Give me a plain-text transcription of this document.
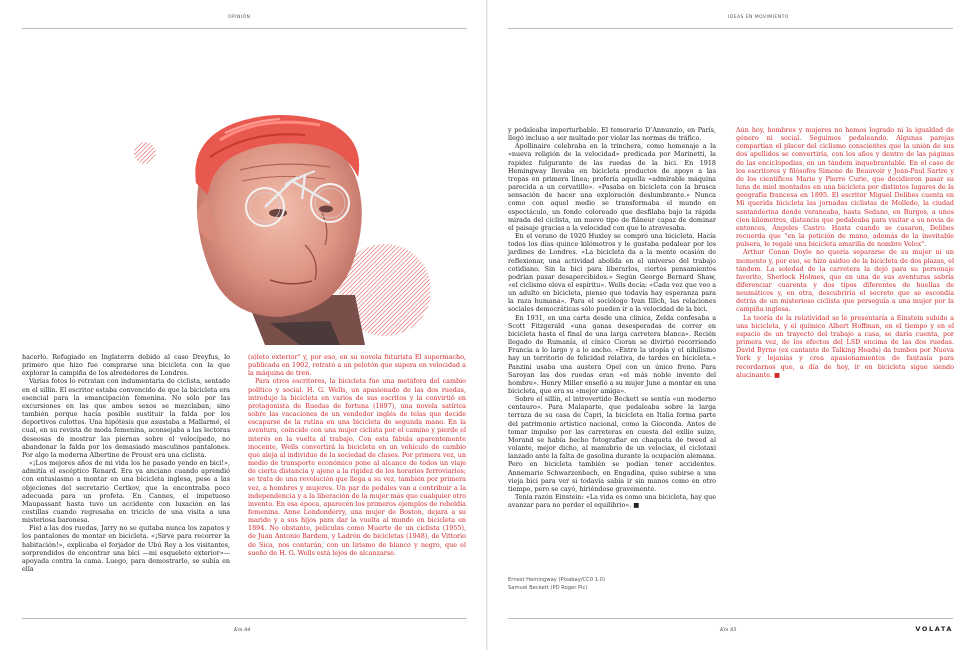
OPINIÓN

hacerlo. Refugiado en Inglaterra debido al caso Dreyfus, lo primero que hizo fue comprarse una bicicleta con la que explorar la campiña de los alrededores de Londres.

Varias fotos lo retratan con indumentaria de ciclista, sentado en el sillín. El escritor estaba convencido de que la bicicleta era esencial para la emancipación femenina. No sólo por las excursiones en las que ambos sexos se mezclaban, sino también porque hacía posible sustituir la falda por los deportivos culottes. Una hipótesis que asustaba a Mallarmé, el cual, en su revista de moda femenina, aconsejaba a las lectoras deseosas de mostrar las piernas sobre el velocípedo, no abandonar la falda por los demasiado masculinos pantalones. Por algo la moderna Albertine de Proust era una ciclista.

«¡Los mejores años de mi vida los he pasado yendo en bici!», admitía el escéptico Renard. Era ya anciano cuando aprendió con entusiasmo a montar en una bicicleta inglesa, pese a las objeciones del secretario Certkov, que la encontraba poco adecuada para un profeta. En Cannes, el impetuoso Maupassant hasta tuvo un accidente con luxación en las costillas cuando regresaba en triciclo de una visita a una misteriosa baronesa.

Fiel a las dos ruedas, Jarry no se quitaba nunca los zapatos y los pantalones de montar en bicicleta. «¡Sirve para recorrer la habitación!», explicaba el forjador de Ubú Rey a los visitantes, sorprendidos de encontrar una bici —mi esqueleto exterior»— apoyada contra la cama. Luego, para demostrarlo, se subía en ella

(a)leto exterior" y, por eso, en su novela futurista El supermacho, publicada en 1902, retrató a un pelotón que supera en velocidad a la máquina de tren.

Para otros escritores, la bicicleta fue una metáfora del cambio político y social. H. G. Wells, un apasionado de las dos ruedas, introdujo la bicicleta en varios de sus escritos y la convirtió en protagonista de Ruedas de fortuna (1897), una novela satírica sobre las vacaciones de un vendedor inglés de telas que decide escaparse de la rutina en una bicicleta de segunda mano. En la aventura, coincide con una mujer ciclista por el camino y pierde el interés en la vuelta al trabajo. Con esta fábula aparentemente inocente, Wells convertirá la bicicleta en un vehículo de cambio que aleja al individuo de la sociedad de clases. Por primera vez, un medio de transporte económico pone al alcance de todos un viaje de cierta distancia y ajeno a la rigidez de los horarios ferroviarios; se trata de una revolución que llega a su vez, también por primera vez, a hombres y mujeres. Un par de pedales van a contribuir a la independencia y a la liberación de la mujer más que cualquier otro invento. En esa época, aparecen los primeros ejemplos de rebeldía femenina. Anne Londonderry, una mujer de Boston, dejará a su marido y a sus hijos para dar la vuelta al mundo en bicicleta en 1894. No obstante, películas como Muerte de un ciclista (1955), de Juan Antonio Bardem, y Ladrón de bicicletas (1948), de Vittorio de Sica, nos contarán, con un lirismo de blanco y negro, que el sueño de H. G. Wells está lejos de alcanzarse.

Km 84
IDEAS EN MOVIMIENTO

y pedaleaba imperturbable. El temerario D’Annunzio, en París, llegó incluso a ser multado por violar las normas de tráfico.

Apollinaire celebraba en la trinchera, como homenaje a la «nueva religión de la velocidad» predicada por Marinetti, la rapidez fulgurante de las ruedas de la bici. En 1918 Hemingway llevaba en bicicleta productos de apoyo a las tropas en primera línea; prefería aquella «admirable máquina parecida a un cervatillo». «Pasaba en bicicleta con la brusca sensación de hacer una exploración deslumbrante.» Nunca como con aquel medio se transformaba el mundo en espectáculo, un fondo coloreado que desfilaba bajo la rápida mirada del ciclista, un nuevo tipo de flâneur capaz de dominar el paisaje gracias a la velocidad con que lo atravesaba.

En el verano de 1920 Huxley se compró una bicicleta. Hacía todos los días quince kilómetros y le gustaba pedalear por los jardines de Londres. «La bicicleta da a la mente ocasión de reflexionar, una actividad abolida en el universo del trabajo cotidiano. Sin la bici para liberarlos, ciertos pensamientos podrían pasar desapercibidos.» Según George Bernard Shaw, «el ciclismo eleva el espíritu». Wells decía: «Cada vez que veo a un adulto en bicicleta, pienso que todavía hay esperanza para la raza humana». Para el sociólogo Ivan Illich, las relaciones sociales democráticas sólo pueden ir a la velocidad de la bici.

En 1931, en una carta desde una clínica, Zelda confesaba a Scott Fitzgerald «una ganas desesperadas de correr en bicicleta hasta el final de una larga carretera blanca». Recién llegado de Rumanía, el cínico Cioran se divirtió recorriendo Francia a lo largo y a lo ancho. «Entre la utopía y el nihilismo hay un territorio de felicidad relativa, de tardes en bicicleta.» Panzini usaba una austera Opel con un único freno. Para Saroyan las dos ruedas eran «el más noble invento del hombre». Henry Miller enseñó a su mujer June a montar en una bicicleta, que era su «mejor amiga».

Sobre el sillín, el introvertido Beckett se sentía «un moderno centauro». Para Malaparte, que pedaleaba sobre la larga terraza de su casa de Capri, la bicicleta en Italia forma parte del patrimonio artístico nacional, como la Gioconda. Antes de tomar impulso por las carreteras en cuesta del exilio suizo, Morand se había hecho fotografiar en chaqueta de tweed al volante, mejor dicho, al manubrio de un velociax, el ciclotaxi lanzado ante la falta de gasolina durante la ocupación alemana. Pero en bicicleta también se podían tener accidentes. Annemarie Schwarzenbach, en Engadina, quiso subirse a una vieja bici para ver si todavía sabía ir sin manos como en otro tiempo, pero se cayó, hiriéndose gravemente.

Tenía razón Einstein: «La vida es como una bicicleta, hay que avanzar para no perder el equilibrio». ■

Aún hoy, hombres y mujeres no hemos logrado ni la igualdad de género ni social. Seguimos pedaleando. Algunas parejas compartían el placer del ciclismo conscientes que la unión de sus dos apellidos se convertiría, con los años y dentro de las páginas de las enciclopedias, en un tándem inquebrantable. En el caso de los escritores y filósofos Simone de Beauvoir y Jean-Paul Sartre y de los científicos Marie y Pierre Curie, que decidieron pasar su luna de miel montados en una bicicleta por distintos lugares de la geografía francesa en 1895. El escritor Miguel Delibes cuenta en Mi querida bicicleta las jornadas ciclistas de Molledo, la ciudad santanderina donde veraneaba, hasta Sedano, en Burgos, a unos cien kilómetros, distancia que pedaleaba para visitar a su novia de entonces, Ángeles Castro. Hasta cuando se casaron, Delibes recuerda que "en la petición de mano, además de la inevitable pulsera, le regalé una bicicleta amarilla de nombre Velox".

Arthur Conan Doyle no quería separarse de su mujer ni un momento y, por eso, se hizo asiduo de la bicicleta de dos plazas, el tándem. La soledad de la carretera la dejó para su personaje favorito, Sherlock Holmes, que en una de sus aventuras sabría diferenciar cuarenta y dos tipos diferentes de huellas de neumáticos y, en otra, descubriría el secreto que se escondía detrás de un misterioso ciclista que perseguía a una mujer por la campiña inglesa.

La teoría de la relatividad se le presentaría a Einstein subido a una bicicleta, y el químico Albert Hoffman, en el tiempo y en el espacio de un trayecto del trabajo a casa, se daría cuenta, por primera vez, de los efectos del LSD encima de las dos ruedas. David Byrne (ex cantante de Talking Heads) da tumbos por Nueva York y lejanías y crea apasionamientos de fantasía para recordarnos que, a día de hoy, ir en bicicleta sigue siendo alucinante. ■

Km 85	VOLATA
Ernest Hemingway (Pixabay/CC0 1.0)
Samuel Beckett (PD Roger Pic)
